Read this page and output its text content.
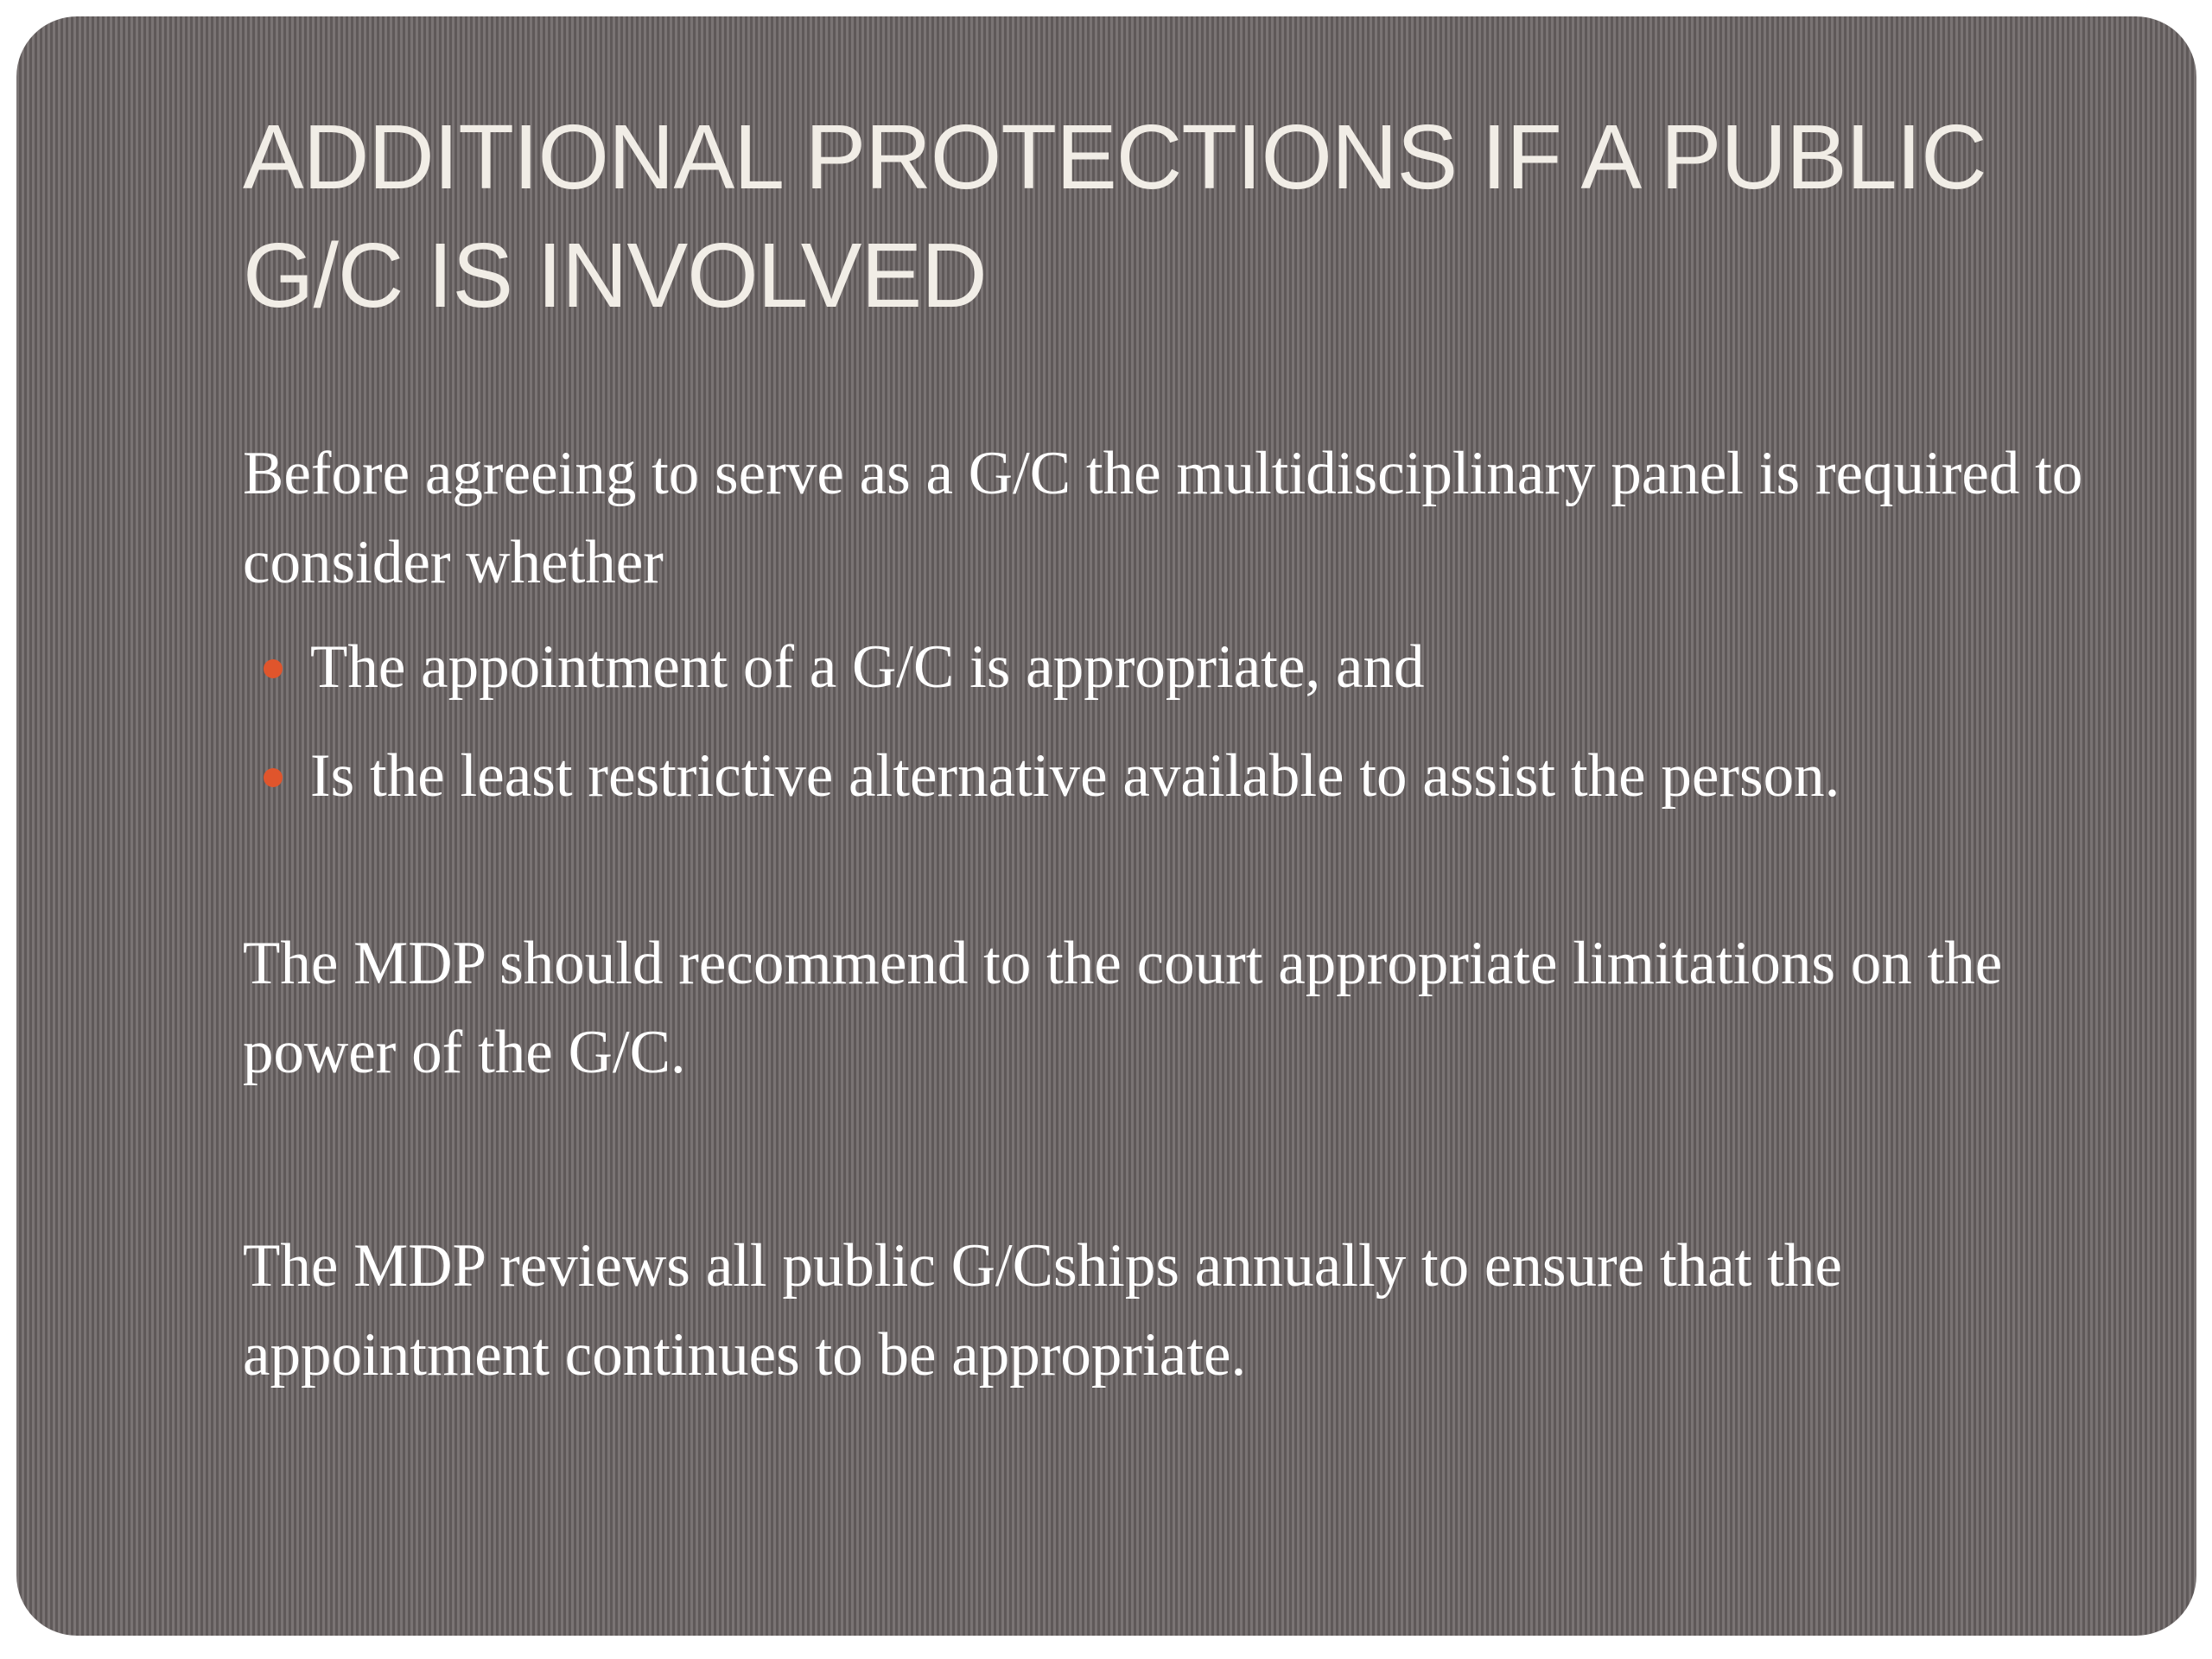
ADDITIONAL PROTECTIONS IF A PUBLIC G/C IS INVOLVED

Before agreeing to serve as a G/C the multidisciplinary panel is required to consider whether

The appointment of a G/C is appropriate, and
Is the least restrictive alternative available to assist the person.

The MDP should recommend to the court appropriate limitations on the power of the G/C.

The MDP reviews all public G/Cships annually to ensure that the appointment continues to be appropriate.
